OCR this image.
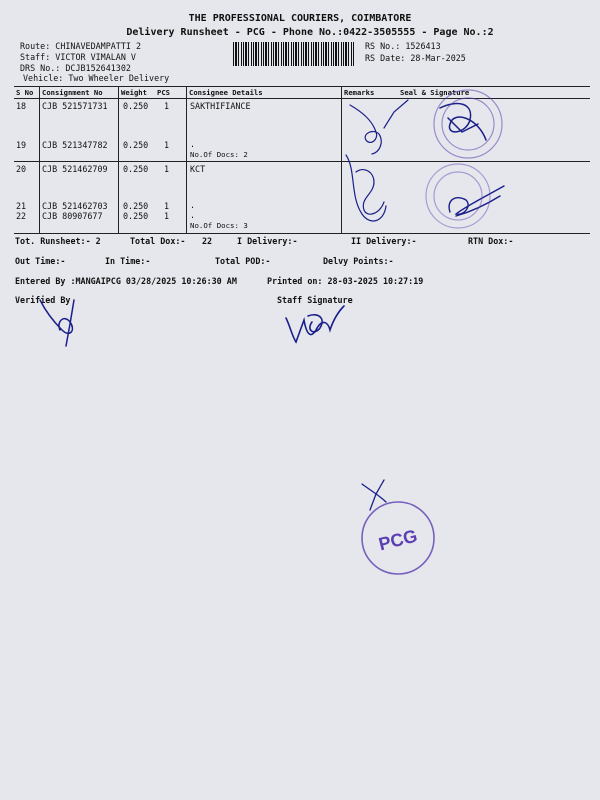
THE PROFESSIONAL COURIERS, COIMBATORE
Delivery Runsheet - PCG - Phone No.:0422-3505555 - Page No.:2
Route: CHINAVEDAMPATTI 2
Staff: VICTOR VIMALAN V
DRS No.: DCJB152641302
Vehicle: Two Wheeler Delivery
RS No.: 1526413
RS Date: 28-Mar-2025
S No Consignment No	Weight PCS	Consignee Details	Remarks	Seal & Signature
18 CJB 521571731 0.250 1 SAKTHIFIANCE
19 CJB 521347782 0.250 1 .
No.Of Docs: 2
20 CJB 521462709 0.250 1 KCT
21 CJB 521462703 0.250 1 .
22 CJB 80907677 0.250 1 .
No.Of Docs: 3
Tot. Runsheet:- 2	Total Dox:- 22	I Delivery:-	II Delivery:-	RTN Dox:-
Out Time:-	In Time:-	Total POD:-	Delvy Points:-
Entered By :MANGAIPCG 03/28/2025 10:26:30 AM	Printed on: 28-03-2025 10:27:19
Verified By	Staff Signature
PCG
